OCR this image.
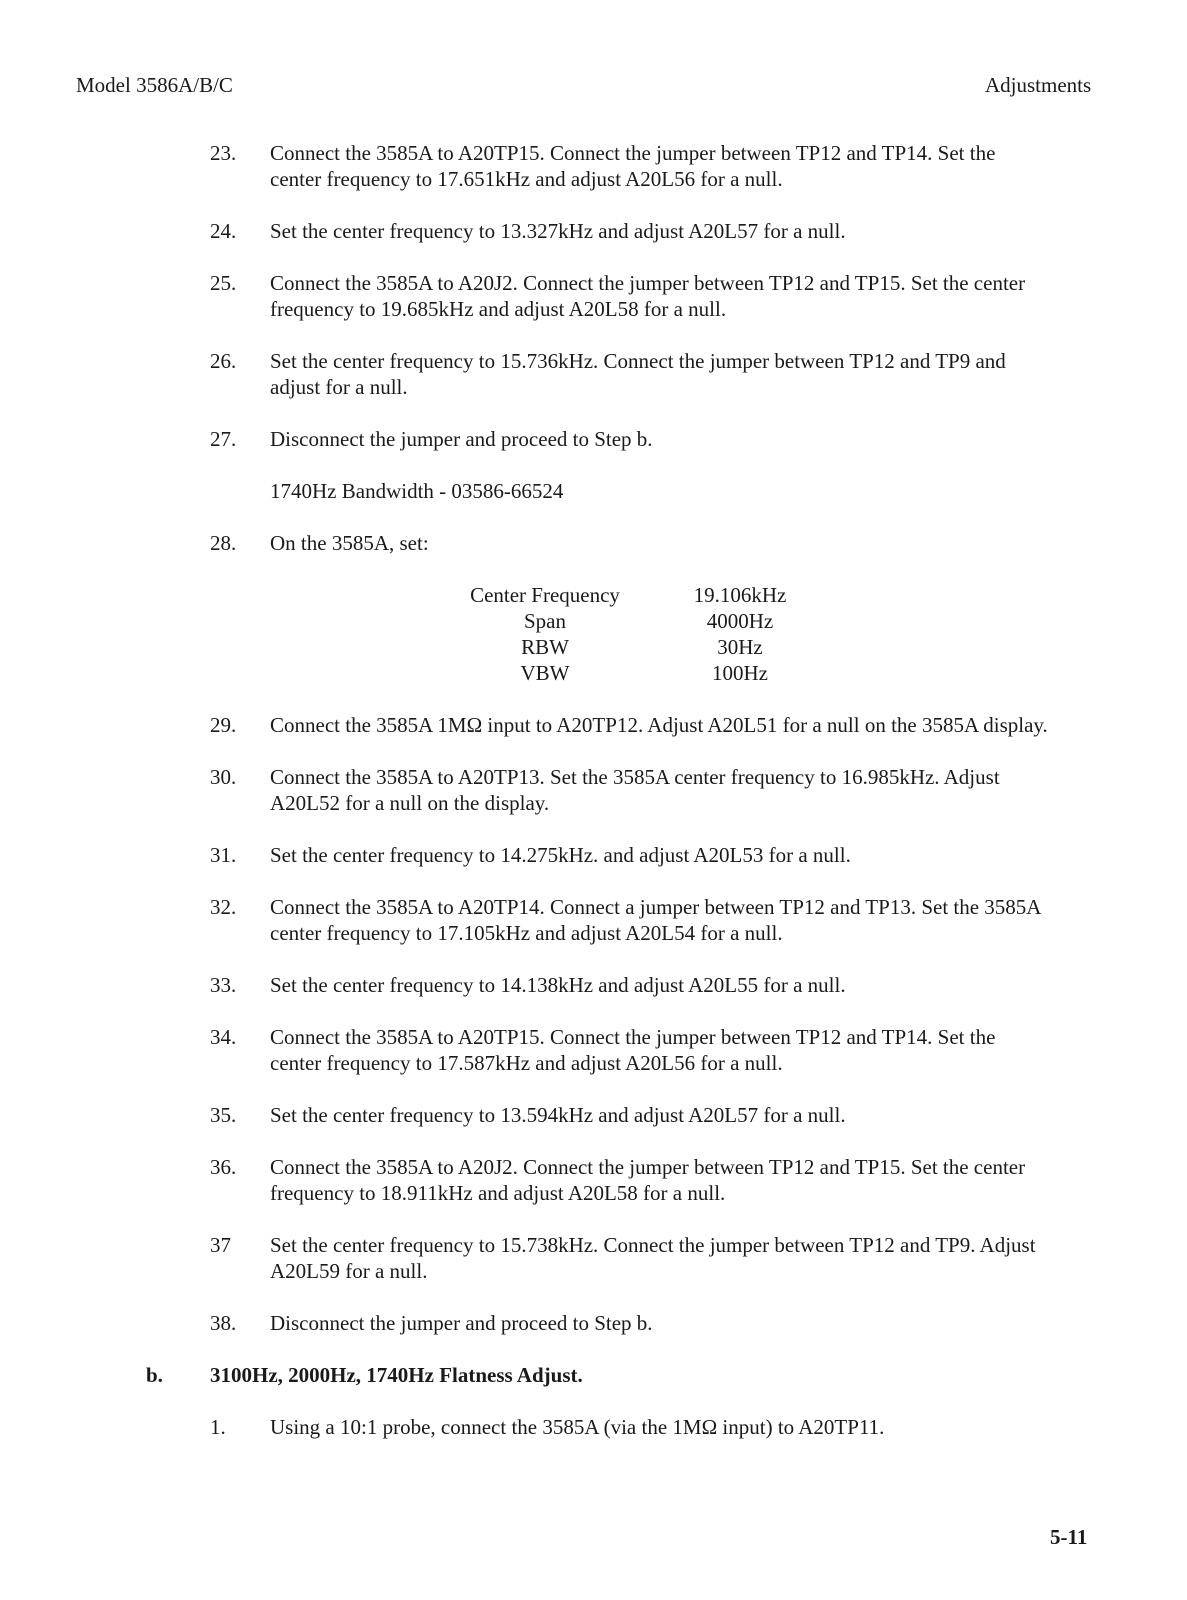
Model 3586A/B/C	Adjustments
23.	Connect the 3585A to A20TP15. Connect the jumper between TP12 and TP14. Set the center frequency to 17.651kHz and adjust A20L56 for a null.
24.	Set the center frequency to 13.327kHz and adjust A20L57 for a null.
25.	Connect the 3585A to A20J2. Connect the jumper between TP12 and TP15. Set the center frequency to 19.685kHz and adjust A20L58 for a null.
26.	Set the center frequency to 15.736kHz. Connect the jumper between TP12 and TP9 and adjust for a null.
27.	Disconnect the jumper and proceed to Step b.
1740Hz Bandwidth - 03586-66524
28.	On the 3585A, set:
Center Frequency	19.106kHz
Span	4000Hz
RBW	30Hz
VBW	100Hz
29.	Connect the 3585A 1MΩ input to A20TP12. Adjust A20L51 for a null on the 3585A display.
30.	Connect the 3585A to A20TP13. Set the 3585A center frequency to 16.985kHz. Adjust A20L52 for a null on the display.
31.	Set the center frequency to 14.275kHz. and adjust A20L53 for a null.
32.	Connect the 3585A to A20TP14. Connect a jumper between TP12 and TP13. Set the 3585A center frequency to 17.105kHz and adjust A20L54 for a null.
33.	Set the center frequency to 14.138kHz and adjust A20L55 for a null.
34.	Connect the 3585A to A20TP15. Connect the jumper between TP12 and TP14. Set the center frequency to 17.587kHz and adjust A20L56 for a null.
35.	Set the center frequency to 13.594kHz and adjust A20L57 for a null.
36.	Connect the 3585A to A20J2. Connect the jumper between TP12 and TP15. Set the center frequency to 18.911kHz and adjust A20L58 for a null.
37	Set the center frequency to 15.738kHz. Connect the jumper between TP12 and TP9. Adjust A20L59 for a null.
38.	Disconnect the jumper and proceed to Step b.
b.	3100Hz, 2000Hz, 1740Hz Flatness Adjust.
1.	Using a 10:1 probe, connect the 3585A (via the 1MΩ input) to A20TP11.
5-11
